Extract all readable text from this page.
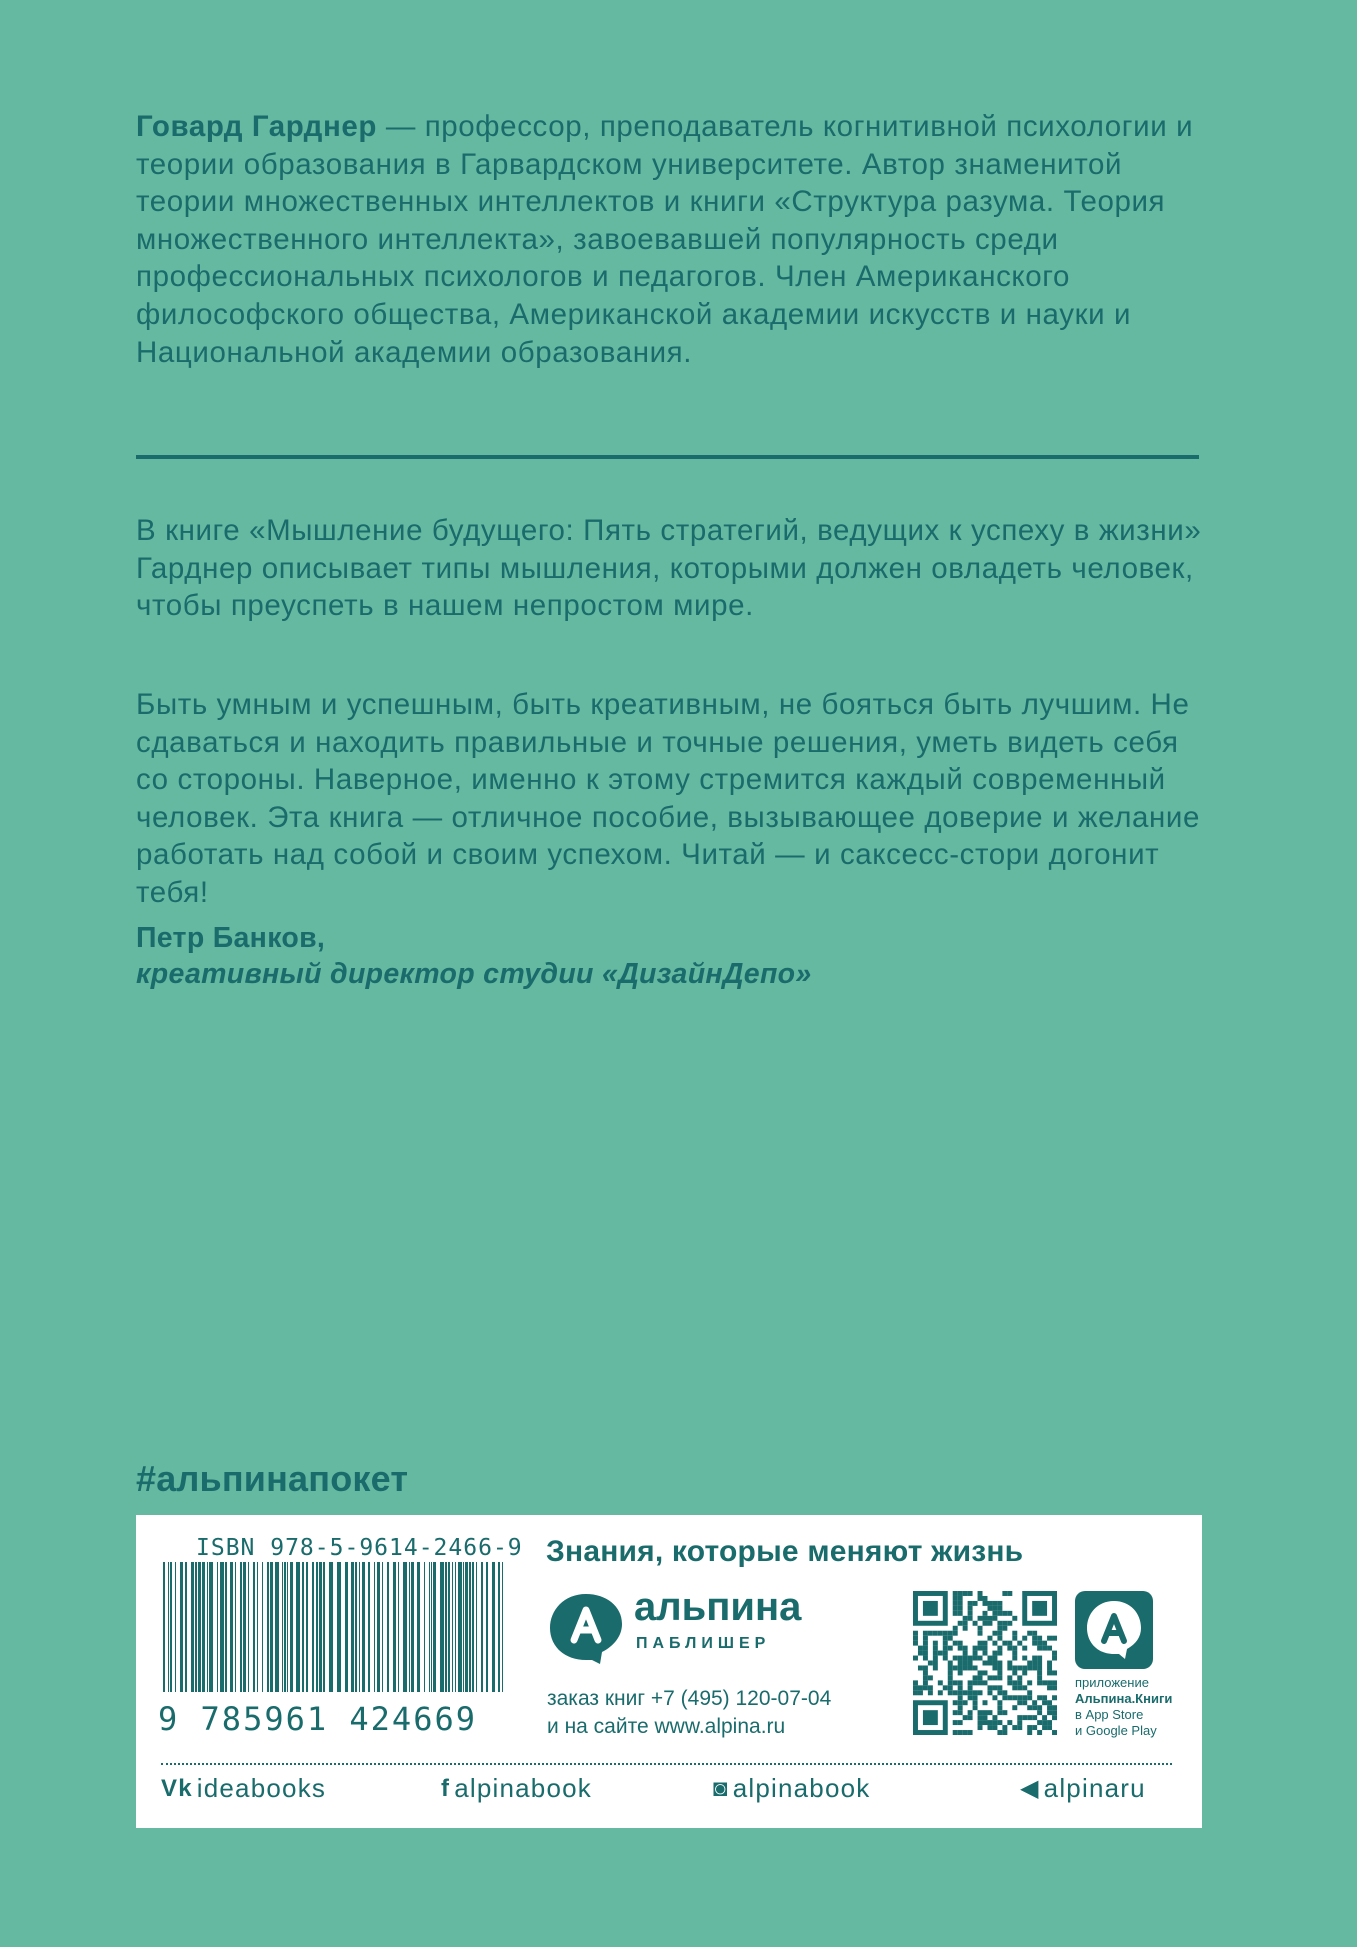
Говард Гарднер — профессор, преподаватель когнитивной психологии и теории образования в Гарвардском университете. Автор знаменитой теории множественных интеллектов и книги «Структура разума. Теория множественного интеллекта», завоевавшей популярность среди профессиональных психологов и педагогов. Член Американского философского общества, Американской академии искусств и науки и Национальной академии образования.

В книге «Мышление будущего: Пять стратегий, ведущих к успеху в жизни» Гарднер описывает типы мышления, которыми должен овладеть человек, чтобы преуспеть в нашем непростом мире.

Быть умным и успешным, быть креативным, не бояться быть лучшим. Не сдаваться и находить правильные и точные решения, уметь видеть себя со стороны. Наверное, именно к этому стремится каждый современный человек. Эта книга — отличное пособие, вызывающее доверие и желание работать над собой и своим успехом. Читай — и саксесс-стори догонит тебя!

Петр Банков,
креативный директор студии «ДизайнДепо»
#альпинапокет
ISBN 978-5-9614-2466-9
9 785961 424669
Знания, которые меняют жизнь
альпина
ПАБЛИШЕР
заказ книг +7 (495) 120-07-04
и на сайте www.alpina.ru
приложение
Альпина.Книги
в App Store
и Google Play
Vk ideabooks	f alpinabook	◙ alpinabook	◀ alpinaru
